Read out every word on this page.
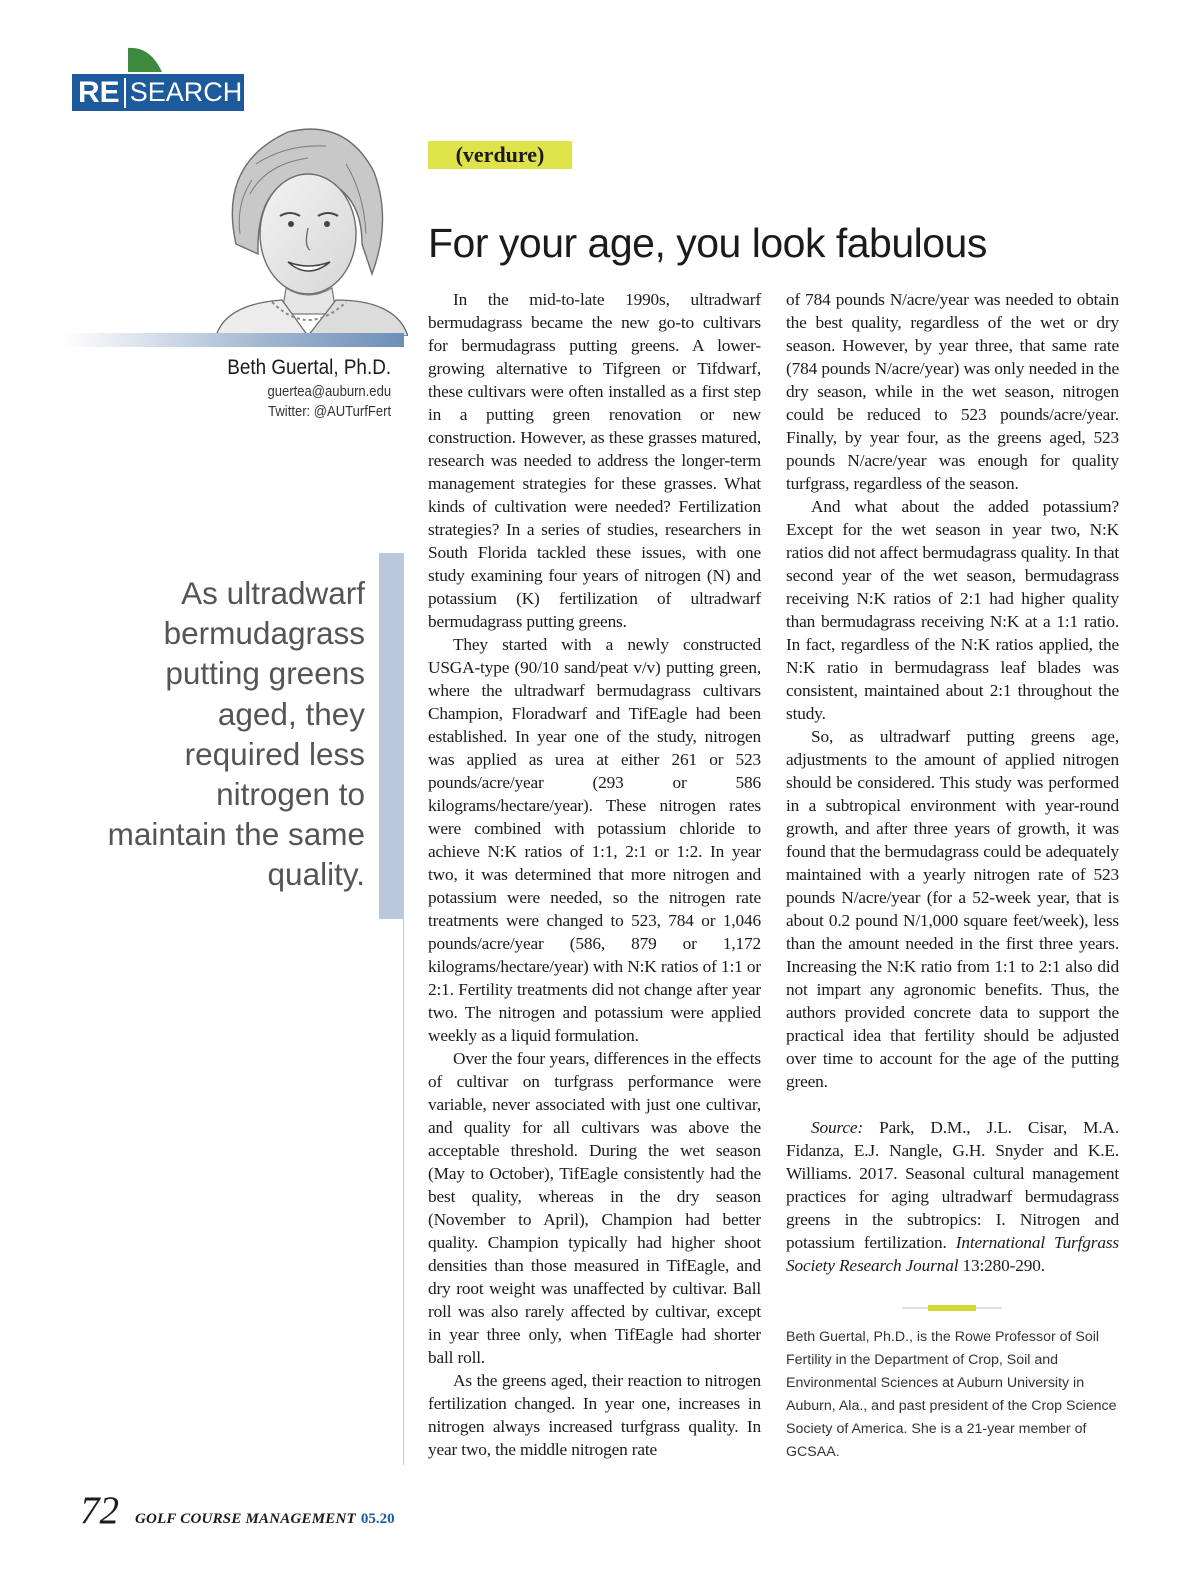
RE SEARCH
Beth Guertal, Ph.D.
guertea@auburn.edu
Twitter: @AUTurfFert
As ultradwarf bermudagrass putting greens aged, they required less nitrogen to maintain the same quality.
(verdure)
For your age, you look fabulous

In the mid-to-late 1990s, ultradwarf bermudagrass became the new go-to cultivars for bermudagrass putting greens. A lower-growing alternative to Tifgreen or Tifdwarf, these cultivars were often installed as a first step in a putting green renovation or new construction. However, as these grasses matured, research was needed to address the longer-term management strategies for these grasses. What kinds of cultivation were needed? Fertilization strategies? In a series of studies, researchers in South Florida tackled these issues, with one study examining four years of nitrogen (N) and potassium (K) fertilization of ultradwarf bermudagrass putting greens.

They started with a newly constructed USGA-type (90/10 sand/peat v/v) putting green, where the ultradwarf bermudagrass cultivars Champion, Floradwarf and TifEagle had been established. In year one of the study, nitrogen was applied as urea at either 261 or 523 pounds/acre/year (293 or 586 kilograms/hectare/year). These nitrogen rates were combined with potassium chloride to achieve N:K ratios of 1:1, 2:1 or 1:2. In year two, it was determined that more nitrogen and potassium were needed, so the nitrogen rate treatments were changed to 523, 784 or 1,046 pounds/acre/year (586, 879 or 1,172 kilograms/hectare/year) with N:K ratios of 1:1 or 2:1. Fertility treatments did not change after year two. The nitrogen and potassium were applied weekly as a liquid formulation.

Over the four years, differences in the effects of cultivar on turfgrass performance were variable, never associated with just one cultivar, and quality for all cultivars was above the acceptable threshold. During the wet season (May to October), TifEagle consistently had the best quality, whereas in the dry season (November to April), Champion had better quality. Champion typically had higher shoot densities than those measured in TifEagle, and dry root weight was unaffected by cultivar. Ball roll was also rarely affected by cultivar, except in year three only, when TifEagle had shorter ball roll.

As the greens aged, their reaction to nitrogen fertilization changed. In year one, increases in nitrogen always increased turfgrass quality. In year two, the middle nitrogen rate

of 784 pounds N/acre/year was needed to obtain the best quality, regardless of the wet or dry season. However, by year three, that same rate (784 pounds N/acre/year) was only needed in the dry season, while in the wet season, nitrogen could be reduced to 523 pounds/acre/year. Finally, by year four, as the greens aged, 523 pounds N/acre/year was enough for quality turfgrass, regardless of the season.

And what about the added potassium? Except for the wet season in year two, N:K ratios did not affect bermudagrass quality. In that second year of the wet season, bermudagrass receiving N:K ratios of 2:1 had higher quality than bermudagrass receiving N:K at a 1:1 ratio. In fact, regardless of the N:K ratios applied, the N:K ratio in bermudagrass leaf blades was consistent, maintained about 2:1 throughout the study.

So, as ultradwarf putting greens age, adjustments to the amount of applied nitrogen should be considered. This study was performed in a subtropical environment with year-round growth, and after three years of growth, it was found that the bermudagrass could be adequately maintained with a yearly nitrogen rate of 523 pounds N/acre/year (for a 52-week year, that is about 0.2 pound N/1,000 square feet/week), less than the amount needed in the first three years. Increasing the N:K ratio from 1:1 to 2:1 also did not impart any agronomic benefits. Thus, the authors provided concrete data to support the practical idea that fertility should be adjusted over time to account for the age of the putting green.

Source: Park, D.M., J.L. Cisar, M.A. Fidanza, E.J. Nangle, G.H. Snyder and K.E. Williams. 2017. Seasonal cultural management practices for aging ultradwarf bermudagrass greens in the subtropics: I. Nitrogen and potassium fertilization. International Turfgrass Society Research Journal 13:280-290.

Beth Guertal, Ph.D., is the Rowe Professor of Soil Fertility in the Department of Crop, Soil and Environmental Sciences at Auburn University in Auburn, Ala., and past president of the Crop Science Society of America. She is a 21-year member of GCSAA.
72 GOLF COURSE MANAGEMENT 05.20
